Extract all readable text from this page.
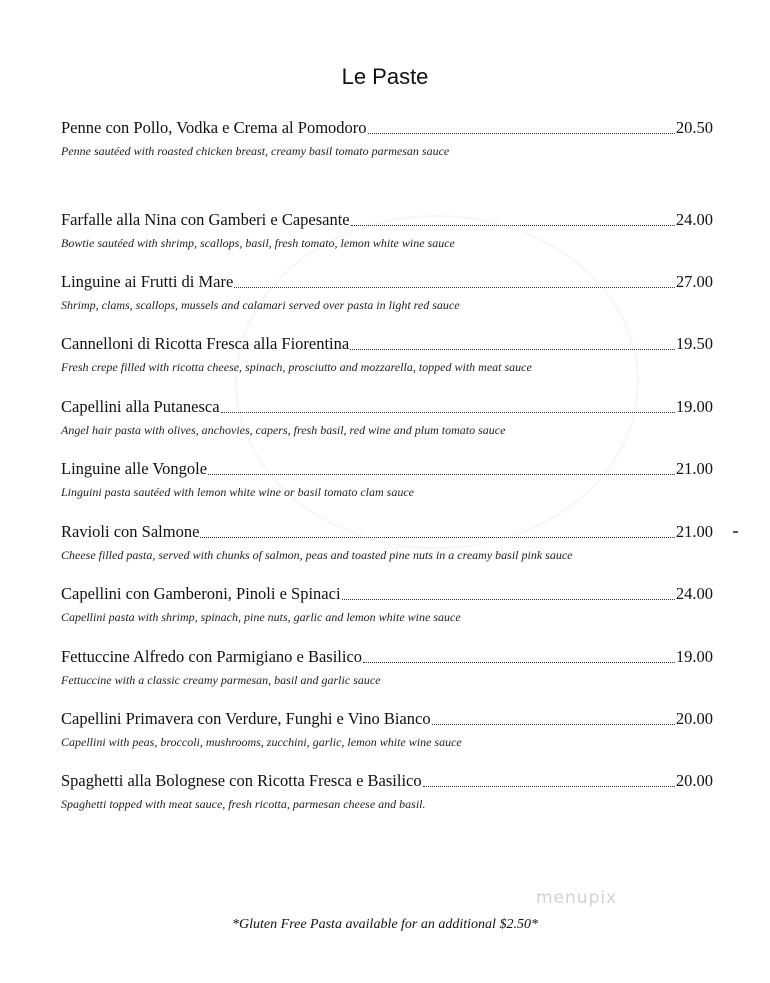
Le Paste
Penne con Pollo, Vodka e Crema al Pomodoro	20.50
Penne sautéed with roasted chicken breast, creamy basil tomato parmesan sauce
Farfalle alla Nina con Gamberi e Capesante	24.00
Bowtie sautéed with shrimp, scallops, basil, fresh tomato, lemon white wine sauce
Linguine ai Frutti di Mare	27.00
Shrimp, clams, scallops, mussels and calamari served over pasta in light red sauce
Cannelloni di Ricotta Fresca alla Fiorentina	19.50
Fresh crepe filled with ricotta cheese, spinach, prosciutto and mozzarella, topped with meat sauce
Capellini alla Putanesca	19.00
Angel hair pasta with olives, anchovies, capers, fresh basil, red wine and plum tomato sauce
Linguine alle Vongole	21.00
Linguini pasta sautéed with lemon white wine or basil tomato clam sauce
Ravioli con Salmone	21.00
Cheese filled pasta, served with chunks of salmon, peas and toasted pine nuts in a creamy basil pink sauce
Capellini con Gamberoni, Pinoli e Spinaci	24.00
Capellini pasta with shrimp, spinach, pine nuts, garlic and lemon white wine sauce
Fettuccine Alfredo con Parmigiano e Basilico	19.00
Fettuccine with a classic creamy parmesan, basil and garlic sauce
Capellini Primavera con Verdure, Funghi e Vino Bianco	20.00
Capellini with peas, broccoli, mushrooms, zucchini, garlic, lemon white wine sauce
Spaghetti alla Bolognese con Ricotta Fresca e Basilico	20.00
Spaghetti topped with meat sauce, fresh ricotta, parmesan cheese and basil.
menupix
*Gluten Free Pasta available for an additional $2.50*
